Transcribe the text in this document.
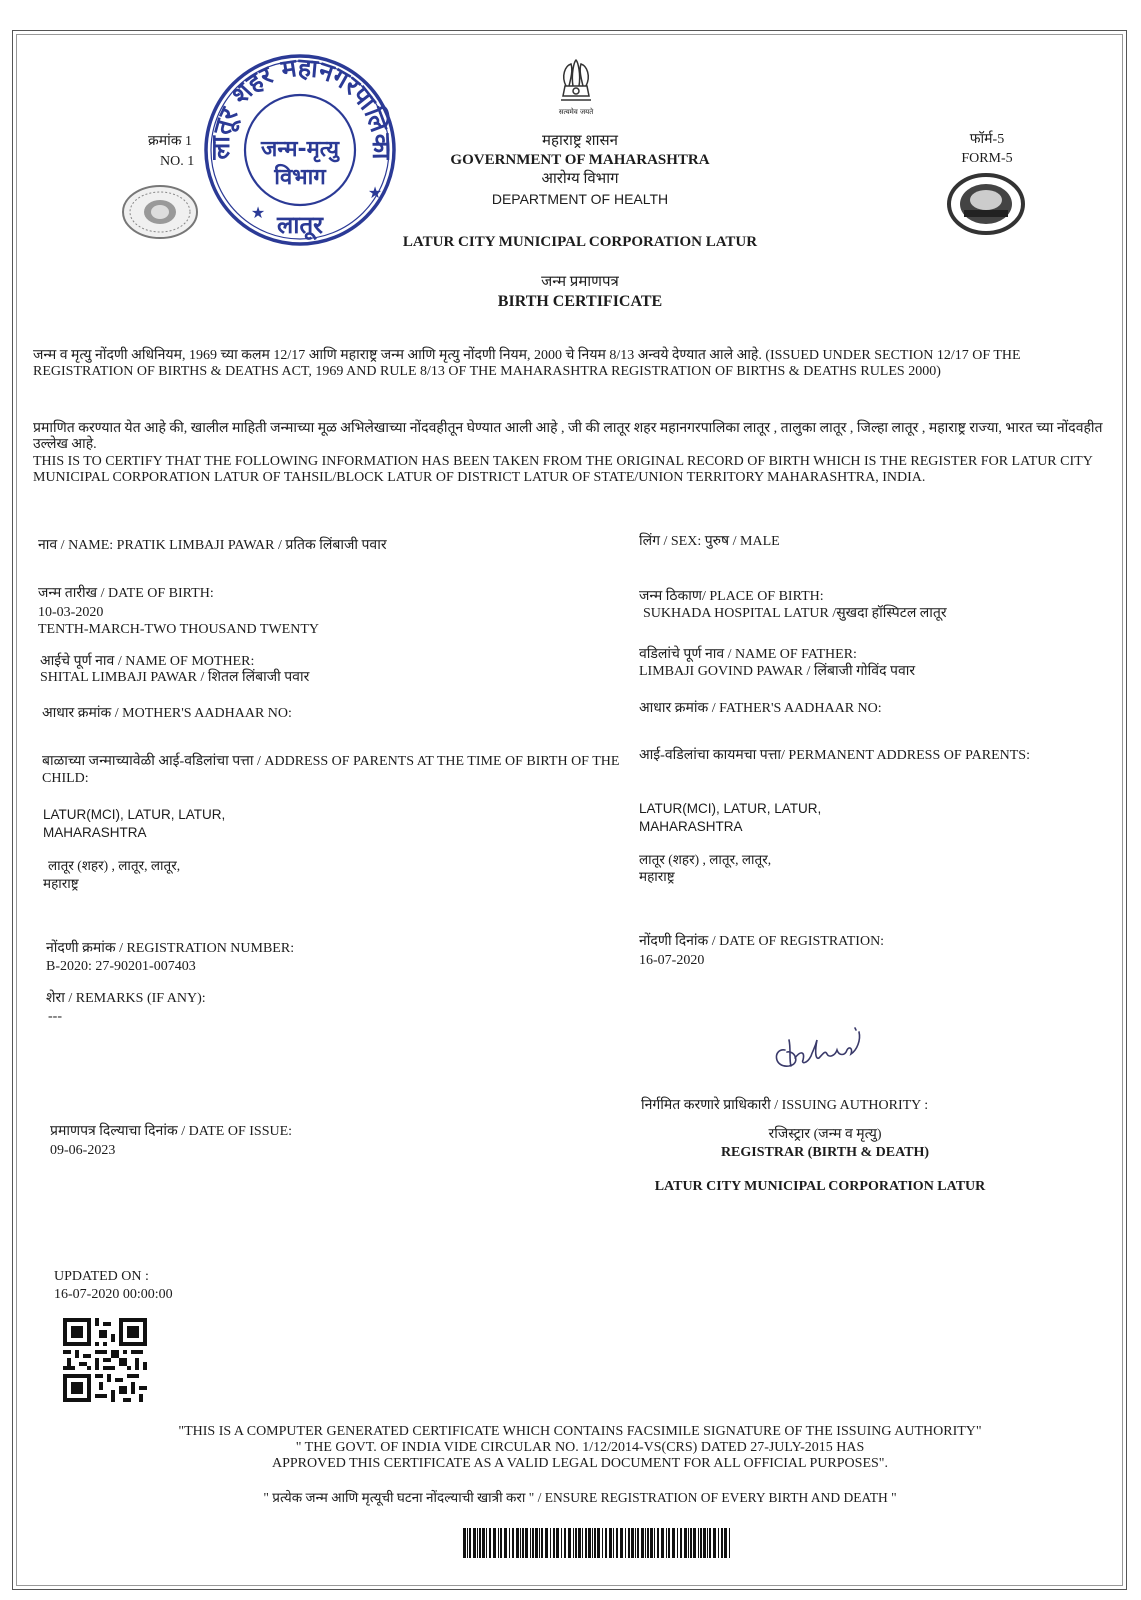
सत्यमेव जयते
क्रमांक 1
NO. 1
लातूर शहर महानगरपालिका
जन्म-मृत्यु
विभाग
लातूर
★
★
महाराष्ट्र शासन
GOVERNMENT OF MAHARASHTRA
आरोग्य विभाग
DEPARTMENT OF HEALTH
LATUR CITY MUNICIPAL CORPORATION LATUR
फॉर्म-5
FORM-5
जन्म प्रमाणपत्र
BIRTH CERTIFICATE
जन्म व मृत्यु नोंदणी अधिनियम, 1969 च्या कलम 12/17 आणि महाराष्ट्र जन्म आणि मृत्यु नोंदणी नियम, 2000 चे नियम 8/13 अन्वये देण्यात आले आहे. (ISSUED UNDER SECTION 12/17 OF THE REGISTRATION OF BIRTHS & DEATHS ACT, 1969 AND RULE 8/13 OF THE MAHARASHTRA REGISTRATION OF BIRTHS & DEATHS RULES 2000)
प्रमाणित करण्यात येत आहे की, खालील माहिती जन्माच्या मूळ अभिलेखाच्या नोंदवहीतून घेण्यात आली आहे , जी की लातूर शहर महानगरपालिका लातूर , तालुका लातूर , जिल्हा लातूर , महाराष्ट्र राज्या, भारत च्या नोंदवहीत उल्लेख आहे.
THIS IS TO CERTIFY THAT THE FOLLOWING INFORMATION HAS BEEN TAKEN FROM THE ORIGINAL RECORD OF BIRTH WHICH IS THE REGISTER FOR LATUR CITY MUNICIPAL CORPORATION LATUR OF TAHSIL/BLOCK LATUR OF DISTRICT LATUR OF STATE/UNION TERRITORY MAHARASHTRA, INDIA.
नाव / NAME: PRATIK LIMBAJI PAWAR / प्रतिक लिंबाजी पवार
जन्म तारीख / DATE OF BIRTH:
10-03-2020
TENTH-MARCH-TWO THOUSAND TWENTY
आईचे पूर्ण नाव / NAME OF MOTHER:
SHITAL LIMBAJI PAWAR / शितल लिंबाजी पवार
आधार क्रमांक / MOTHER'S AADHAAR NO:
बाळाच्या जन्माच्यावेळी आई-वडिलांचा पत्ता / ADDRESS OF PARENTS AT THE TIME OF BIRTH OF THE CHILD:
LATUR(MCI), LATUR, LATUR,
MAHARASHTRA
लातूर (शहर) , लातूर, लातूर,
महाराष्ट्र
नोंदणी क्रमांक / REGISTRATION NUMBER:
B-2020: 27-90201-007403
शेरा / REMARKS (IF ANY):
---
प्रमाणपत्र दिल्याचा दिनांक / DATE OF ISSUE:
09-06-2023
लिंग / SEX: पुरुष / MALE
जन्म ठिकाण/ PLACE OF BIRTH:
SUKHADA HOSPITAL LATUR /सुखदा हॉस्पिटल लातूर
वडिलांचे पूर्ण नाव / NAME OF FATHER:
LIMBAJI GOVIND PAWAR / लिंबाजी गोविंद पवार
आधार क्रमांक / FATHER'S AADHAAR NO:
आई-वडिलांचा कायमचा पत्ता/ PERMANENT ADDRESS OF PARENTS:
LATUR(MCI), LATUR, LATUR,
MAHARASHTRA
लातूर (शहर) , लातूर, लातूर,
महाराष्ट्र
नोंदणी दिनांक / DATE OF REGISTRATION:
16-07-2020
निर्गमित करणारे प्राधिकारी / ISSUING AUTHORITY :
रजिस्ट्रार (जन्म व मृत्यु)
REGISTRAR (BIRTH & DEATH)
LATUR CITY MUNICIPAL CORPORATION LATUR
UPDATED ON :
16-07-2020 00:00:00
"THIS IS A COMPUTER GENERATED CERTIFICATE WHICH CONTAINS FACSIMILE SIGNATURE OF THE ISSUING AUTHORITY"
" THE GOVT. OF INDIA VIDE CIRCULAR NO. 1/12/2014-VS(CRS) DATED 27-JULY-2015 HAS
APPROVED THIS CERTIFICATE AS A VALID LEGAL DOCUMENT FOR ALL OFFICIAL PURPOSES".
" प्रत्येक जन्म आणि मृत्यूची घटना नोंदल्याची खात्री करा " / ENSURE REGISTRATION OF EVERY BIRTH AND DEATH "
